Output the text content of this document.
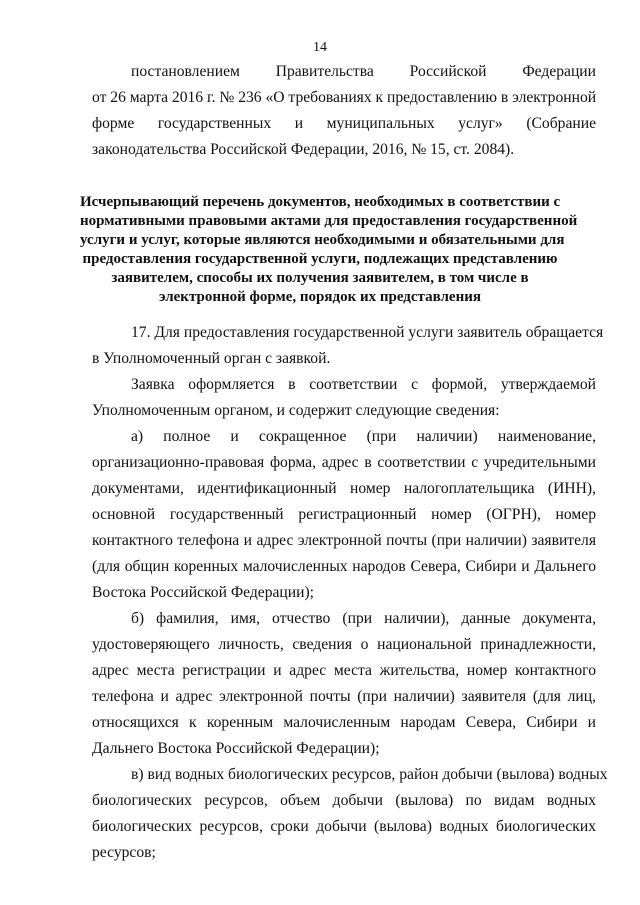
14
постановлением Правительства Российской Федерации
от 26 марта 2016 г. № 236 «О требованиях к предоставлению в электронной
форме государственных и муниципальных услуг» (Собрание
законодательства Российской Федерации, 2016, № 15, ст. 2084).
Исчерпывающий перечень документов, необходимых в соответствии с
нормативными правовыми актами для предоставления государственной
услуги и услуг, которые являются необходимыми и обязательными для
предоставления государственной услуги, подлежащих представлению
заявителем, способы их получения заявителем, в том числе в
электронной форме, порядок их представления
17. Для предоставления государственной услуги заявитель обращается
в Уполномоченный орган с заявкой.
Заявка оформляется в соответствии с формой, утверждаемой
Уполномоченным органом, и содержит следующие сведения:
а) полное и сокращенное (при наличии) наименование,
организационно-правовая форма, адрес в соответствии с учредительными
документами, идентификационный номер налогоплательщика (ИНН),
основной государственный регистрационный номер (ОГРН), номер
контактного телефона и адрес электронной почты (при наличии) заявителя
(для общин коренных малочисленных народов Севера, Сибири и Дальнего
Востока Российской Федерации);
б) фамилия, имя, отчество (при наличии), данные документа,
удостоверяющего личность, сведения о национальной принадлежности,
адрес места регистрации и адрес места жительства, номер контактного
телефона и адрес электронной почты (при наличии) заявителя (для лиц,
относящихся к коренным малочисленным народам Севера, Сибири и
Дальнего Востока Российской Федерации);
в) вид водных биологических ресурсов, район добычи (вылова) водных
биологических ресурсов, объем добычи (вылова) по видам водных
биологических ресурсов, сроки добычи (вылова) водных биологических
ресурсов;
